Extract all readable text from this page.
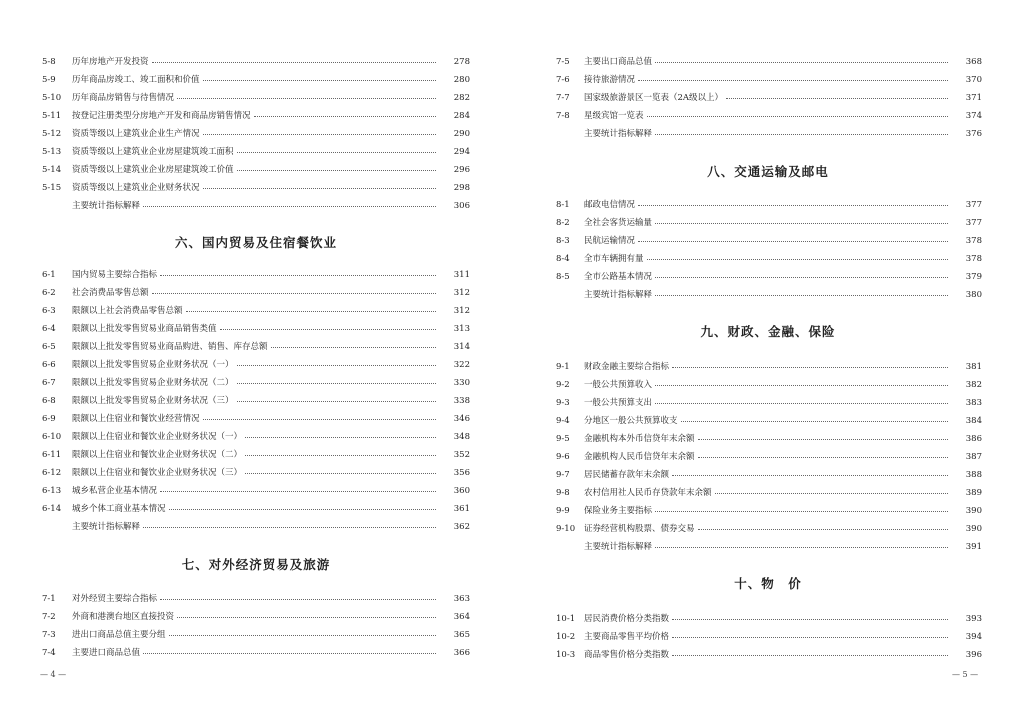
5-8	历年房地产开发投资	278
5-9	历年商品房竣工、竣工面积和价值	280
5-10	历年商品房销售与待售情况	282
5-11	按登记注册类型分房地产开发和商品房销售情况	284
5-12	资质等级以上建筑业企业生产情况	290
5-13	资质等级以上建筑业企业房屋建筑竣工面积	294
5-14	资质等级以上建筑业企业房屋建筑竣工价值	296
5-15	资质等级以上建筑业企业财务状况	298
主要统计指标解释	306
六、国内贸易及住宿餐饮业
6-1	国内贸易主要综合指标	311
6-2	社会消费品零售总额	312
6-3	限额以上社会消费品零售总额	312
6-4	限额以上批发零售贸易业商品销售类值	313
6-5	限额以上批发零售贸易业商品购进、销售、库存总额	314
6-6	限额以上批发零售贸易企业财务状况（一）	322
6-7	限额以上批发零售贸易企业财务状况（二）	330
6-8	限额以上批发零售贸易企业财务状况（三）	338
6-9	限额以上住宿业和餐饮业经营情况	346
6-10	限额以上住宿业和餐饮业企业财务状况（一）	348
6-11	限额以上住宿业和餐饮业企业财务状况（二）	352
6-12	限额以上住宿业和餐饮业企业财务状况（三）	356
6-13	城乡私营企业基本情况	360
6-14	城乡个体工商业基本情况	361
主要统计指标解释	362
七、对外经济贸易及旅游
7-1	对外经贸主要综合指标	363
7-2	外商和港澳台地区直接投资	364
7-3	进出口商品总值主要分组	365
7-4	主要进口商品总值	366
— 4 —
7-5	主要出口商品总值	368
7-6	接待旅游情况	370
7-7	国家级旅游景区一览表（2A级以上）	371
7-8	星级宾馆一览表	374
主要统计指标解释	376
八、交通运输及邮电
8-1	邮政电信情况	377
8-2	全社会客货运输量	377
8-3	民航运输情况	378
8-4	全市车辆拥有量	378
8-5	全市公路基本情况	379
主要统计指标解释	380
九、财政、金融、保险
9-1	财政金融主要综合指标	381
9-2	一般公共预算收入	382
9-3	一般公共预算支出	383
9-4	分地区一般公共预算收支	384
9-5	金融机构本外币信贷年末余额	386
9-6	金融机构人民币信贷年末余额	387
9-7	居民储蓄存款年末余额	388
9-8	农村信用社人民币存贷款年末余额	389
9-9	保险业务主要指标	390
9-10	证券经营机构股票、债券交易	390
主要统计指标解释	391
十、物　价
10-1	居民消费价格分类指数	393
10-2	主要商品零售平均价格	394
10-3	商品零售价格分类指数	396
— 5 —
